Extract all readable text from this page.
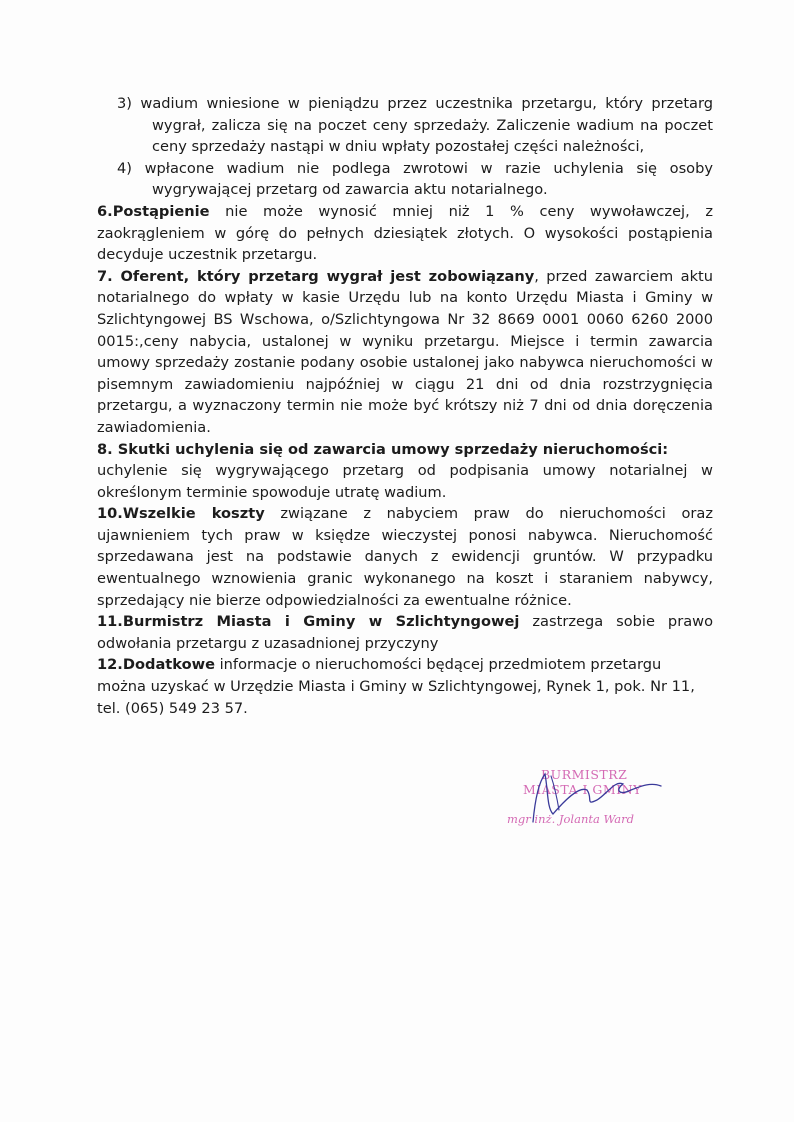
3) wadium wniesione w pieniądzu przez uczestnika przetargu, który przetarg wygrał, zalicza się na poczet ceny sprzedaży. Zaliczenie wadium na poczet ceny sprzedaży nastąpi w dniu wpłaty pozostałej części należności,

4) wpłacone wadium nie podlega zwrotowi w razie uchylenia się osoby wygrywającej przetarg od zawarcia aktu notarialnego.

6.Postąpienie nie może wynosić mniej niż 1 % ceny wywoławczej, z zaokrągleniem w górę do pełnych dziesiątek złotych. O wysokości postąpienia decyduje uczestnik przetargu.

7. Oferent, który przetarg wygrał jest zobowiązany, przed zawarciem aktu notarialnego do wpłaty w kasie Urzędu lub na konto Urzędu Miasta i Gminy w Szlichtyngowej BS Wschowa, o/Szlichtyngowa Nr 32 8669 0001 0060 6260 2000 0015:,ceny nabycia, ustalonej w wyniku przetargu. Miejsce i termin zawarcia umowy sprzedaży zostanie podany osobie ustalonej jako nabywca nieruchomości w pisemnym zawiadomieniu najpóźniej w ciągu 21 dni od dnia rozstrzygnięcia przetargu, a wyznaczony termin nie może być krótszy niż 7 dni od dnia doręczenia zawiadomienia.

8. Skutki uchylenia się od zawarcia umowy sprzedaży nieruchomości:

uchylenie się wygrywającego przetarg od podpisania umowy notarialnej w określonym terminie spowoduje utratę wadium.

10.Wszelkie koszty związane z nabyciem praw do nieruchomości oraz ujawnieniem tych praw w księdze wieczystej ponosi nabywca. Nieruchomość sprzedawana jest na podstawie danych z ewidencji gruntów. W przypadku ewentualnego wznowienia granic wykonanego na koszt i staraniem nabywcy, sprzedający nie bierze odpowiedzialności za ewentualne różnice.

11.Burmistrz Miasta i Gminy w Szlichtyngowej zastrzega sobie prawo odwołania przetargu z uzasadnionej przyczyny

12.Dodatkowe informacje o nieruchomości będącej przedmiotem przetargu można uzyskać w Urzędzie Miasta i Gminy w Szlichtyngowej, Rynek 1, pok. Nr 11, tel. (065) 549 23 57.

BURMISTRZ
MIASTA I GMINY
mgr inż. Jolanta Ward
